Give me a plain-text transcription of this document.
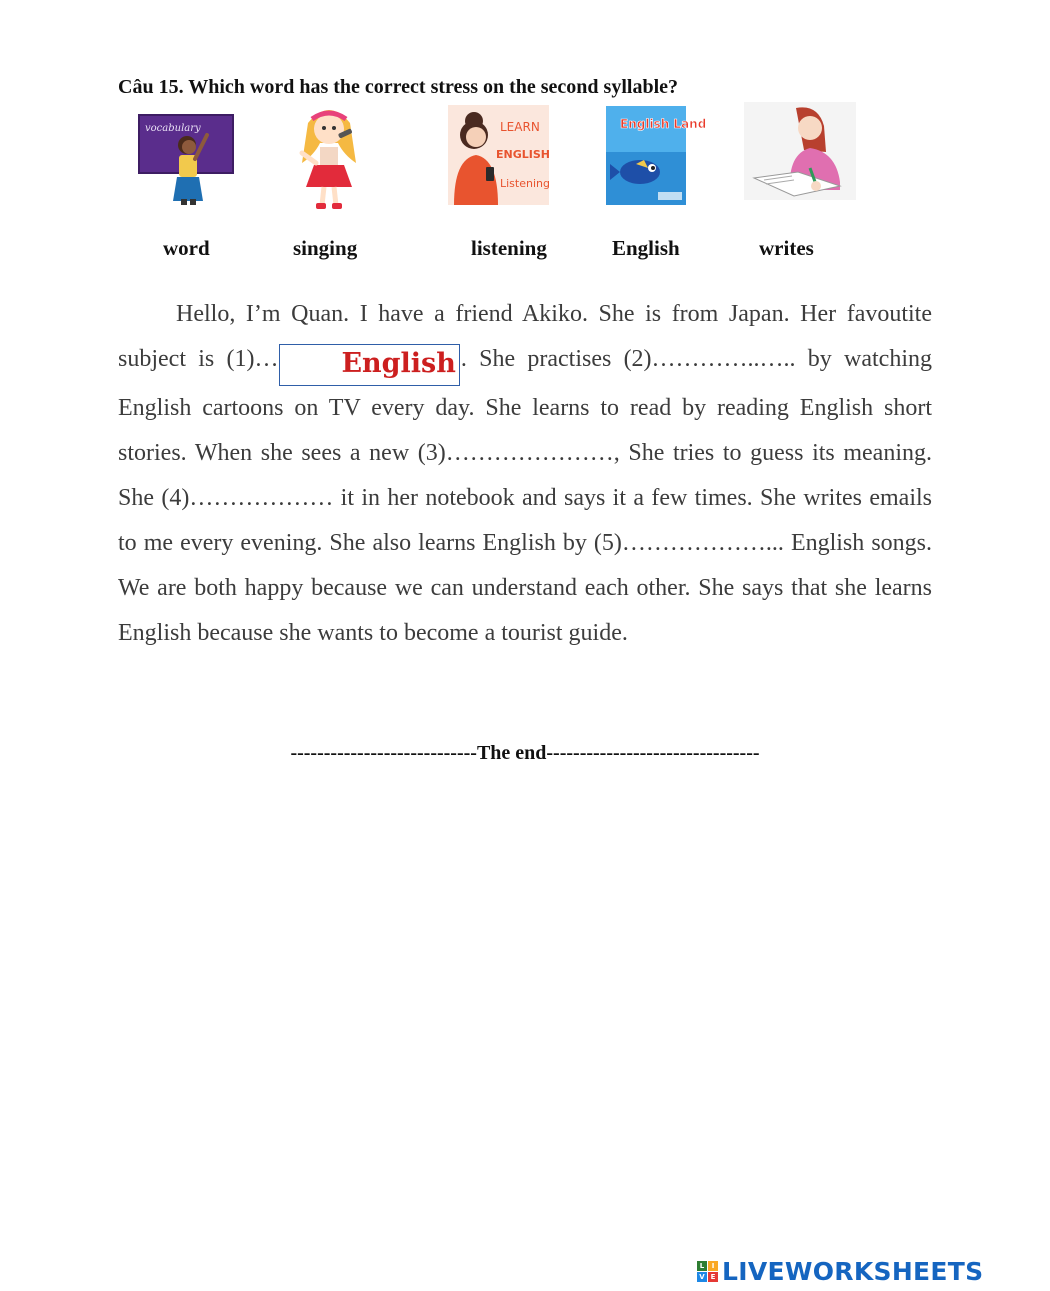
Câu 15. Which word has the correct stress on the second syllable?
vocabulary	LEARN
ENGLISH
Listening
English Land
word	singing	listening	English	writes

Hello, I’m Quan. I have a friend Akiko. She is from Japan. Her favoutite subject is (1)… English . She practises (2)…………..….. by watching English cartoons on TV every day. She learns to read by reading English short stories. When she sees a new (3)…………………, She tries to guess its meaning. She (4)……………… it in her notebook and says it a few times. She writes emails to me every evening. She also learns English by (5)………………... English songs. We are both happy because we can understand each other. She says that she learns English because she wants to become a tourist guide.

----------------------------The end--------------------------------
L	I
V E LIVEWORKSHEETS
